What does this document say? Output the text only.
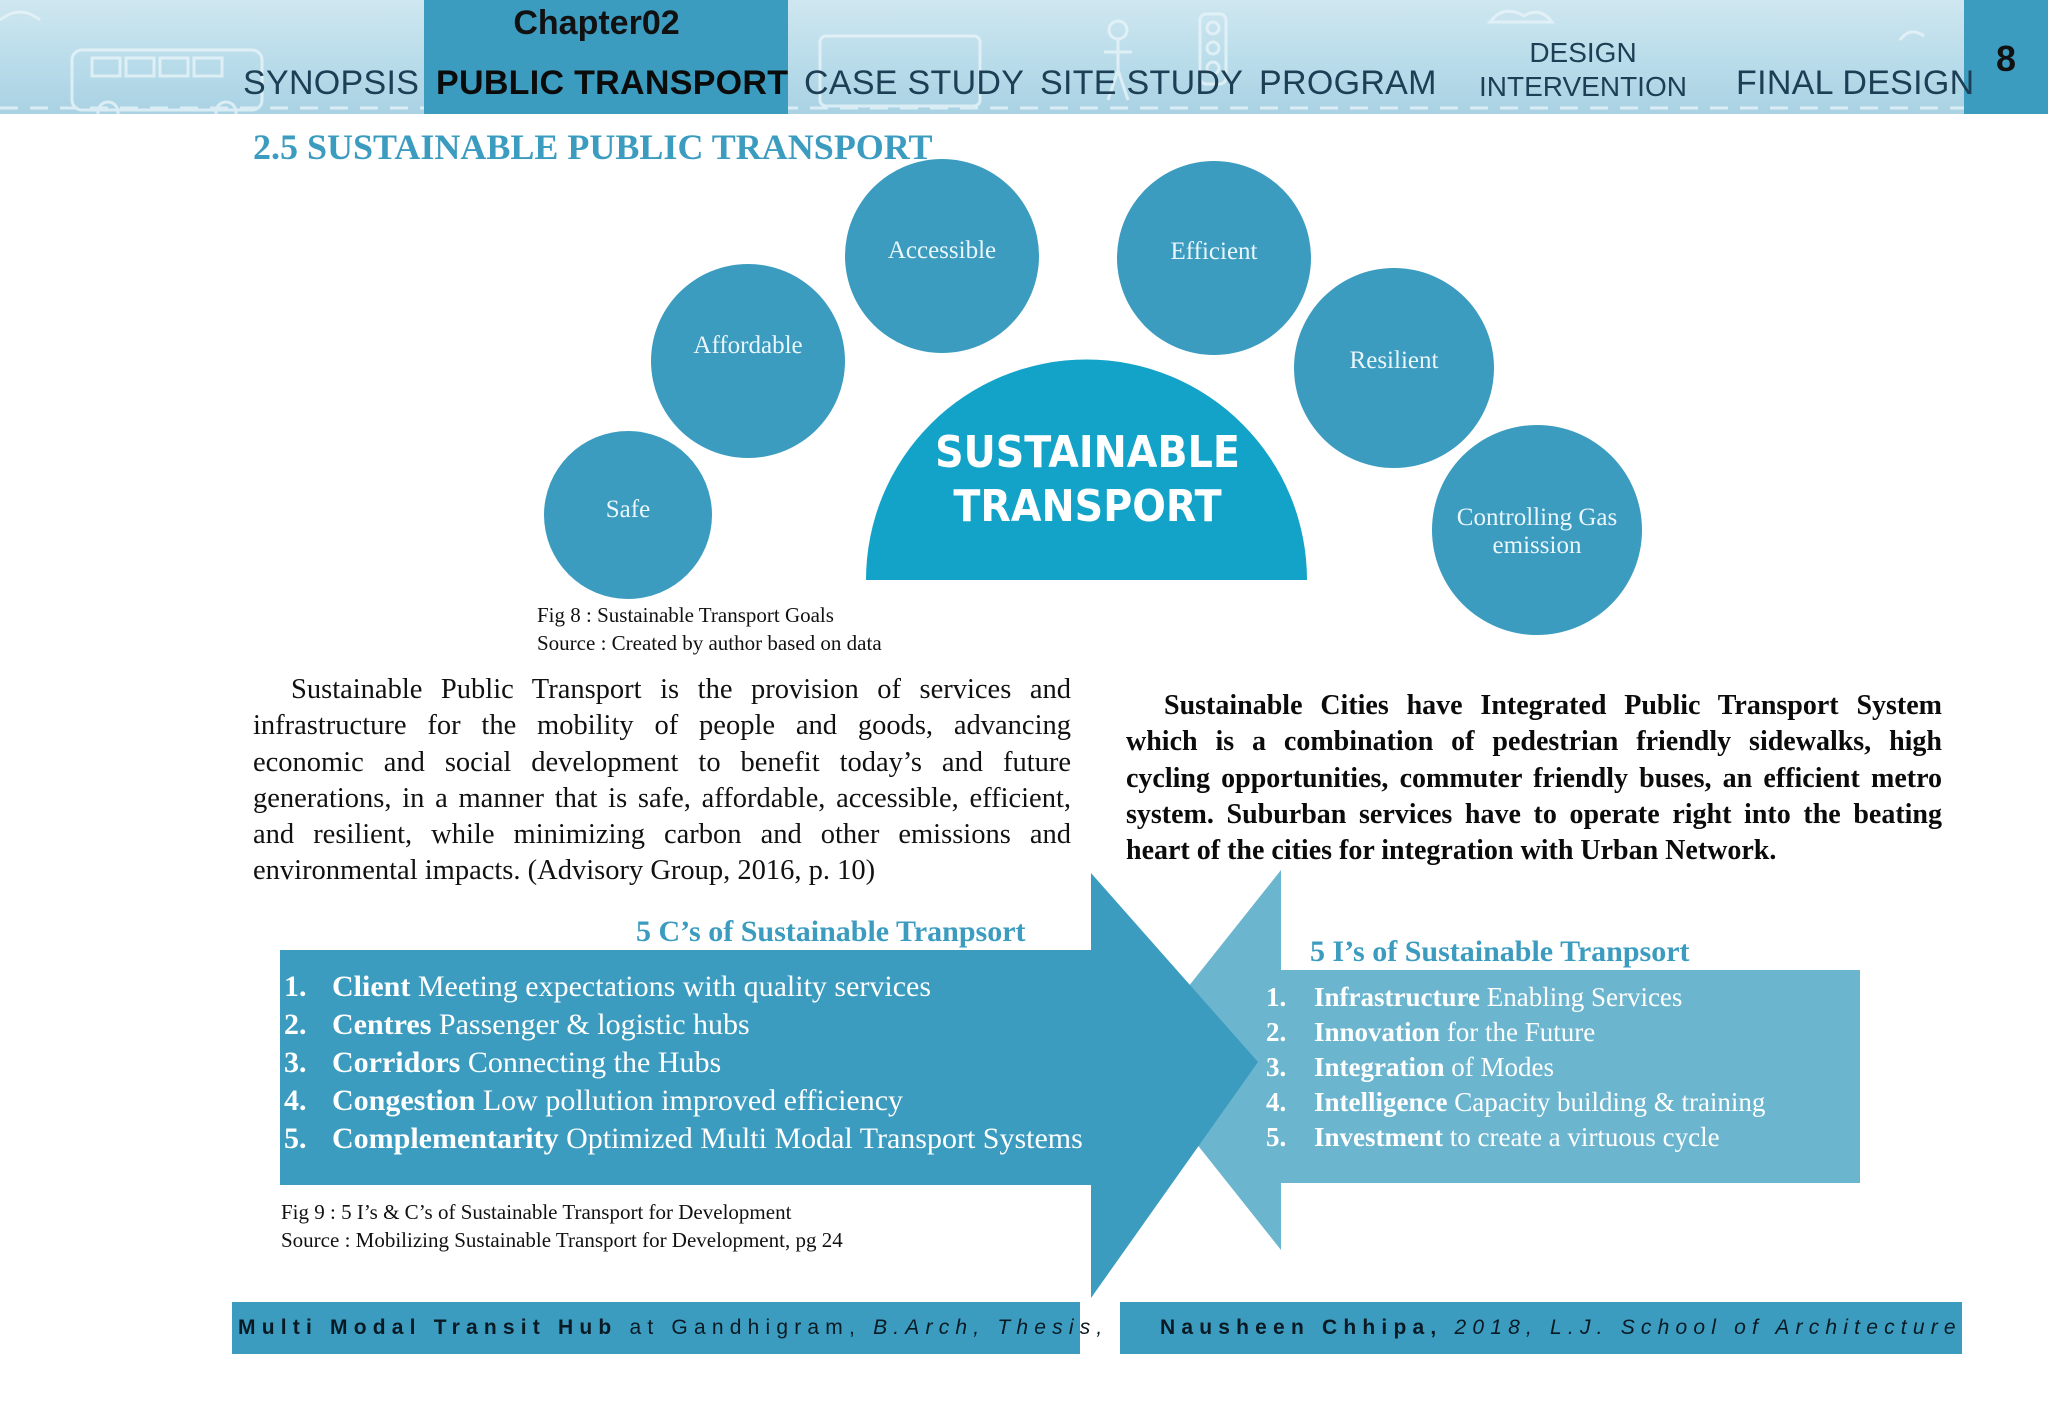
Chapter02
SYNOPSIS PUBLIC TRANSPORT CASE STUDY SITE STUDY PROGRAM
DESIGN
INTERVENTION	FINAL DESIGN
8
2.5 SUSTAINABLE PUBLIC TRANSPORT
SUSTAINABLE
TRANSPORT
Safe
Affordable
Accessible	Efficient
Resilient
Controlling Gas
emission
Fig 8 : Sustainable Transport Goals
Source : Created by author based on data
Sustainable Public Transport is the provision of services and infrastructure for the mobility of people and goods, advancing economic and social development to benefit today’s and future generations, in a manner that is safe, affordable, accessible, efficient, and resilient, while minimizing carbon and other emissions and environmental impacts. (Advisory Group, 2016, p. 10)
Sustainable Cities have Integrated Public Transport System which is a combination of pedestrian friendly sidewalks, high cycling opportunities, commuter friendly buses, an efficient metro system. Suburban services have to operate right into the beating heart of the cities for integration with Urban Network.
5 C’s of Sustainable Tranpsort
5 I’s of Sustainable Tranpsort
1. Client Meeting expectations with quality services
2. Centres Passenger & logistic hubs
3. Corridors Connecting the Hubs
4. Congestion Low pollution improved efficiency
5. Complementarity Optimized Multi Modal Transport Systems
1. Infrastructure Enabling Services
2. Innovation for the Future
3. Integration of Modes
4. Intelligence Capacity building & training
5. Investment to create a virtuous cycle
Fig 9 : 5 I’s & C’s of Sustainable Transport for Development
Source : Mobilizing Sustainable Transport for Development, pg 24
Multi Modal Transit Hub at Gandhigram, B.Arch, Thesis, Nausheen Chhipa, 2018, L.J. School of Architecture
